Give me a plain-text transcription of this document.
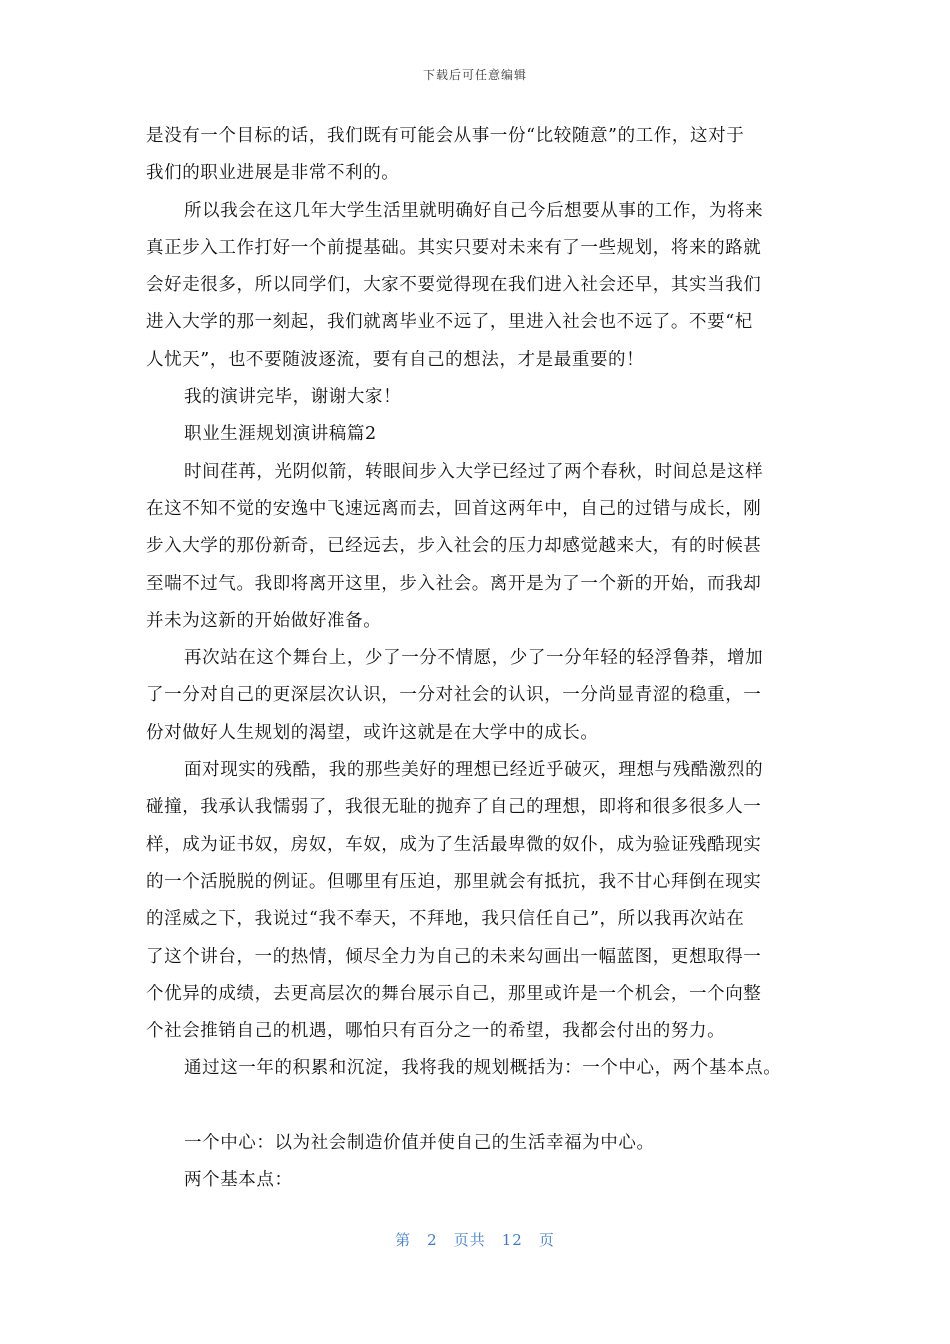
下载后可任意编辑
是没有一个目标的话，我们既有可能会从事一份“比较随意”的工作，这对于
我们的职业进展是非常不利的。
所以我会在这几年大学生活里就明确好自己今后想要从事的工作，为将来
真正步入工作打好一个前提基础。其实只要对未来有了一些规划，将来的路就
会好走很多，所以同学们，大家不要觉得现在我们进入社会还早，其实当我们
进入大学的那一刻起，我们就离毕业不远了，里进入社会也不远了。不要“杞
人忧天”，也不要随波逐流，要有自己的想法，才是最重要的！
我的演讲完毕，谢谢大家！
职业生涯规划演讲稿篇2
时间荏苒，光阴似箭，转眼间步入大学已经过了两个春秋，时间总是这样
在这不知不觉的安逸中飞速远离而去，回首这两年中，自己的过错与成长，刚
步入大学的那份新奇，已经远去，步入社会的压力却感觉越来大，有的时候甚
至喘不过气。我即将离开这里，步入社会。离开是为了一个新的开始，而我却
并未为这新的开始做好准备。
再次站在这个舞台上，少了一分不情愿，少了一分年轻的轻浮鲁莽，增加
了一分对自己的更深层次认识，一分对社会的认识，一分尚显青涩的稳重，一
份对做好人生规划的渴望，或许这就是在大学中的成长。
面对现实的残酷，我的那些美好的理想已经近乎破灭，理想与残酷激烈的
碰撞，我承认我懦弱了，我很无耻的抛弃了自己的理想，即将和很多很多人一
样，成为证书奴，房奴，车奴，成为了生活最卑微的奴仆，成为验证残酷现实
的一个活脱脱的例证。但哪里有压迫，那里就会有抵抗，我不甘心拜倒在现实
的淫威之下，我说过“我不奉天，不拜地，我只信任自己”，所以我再次站在
了这个讲台，一的热情，倾尽全力为自己的未来勾画出一幅蓝图，更想取得一
个优异的成绩，去更高层次的舞台展示自己，那里或许是一个机会，一个向整
个社会推销自己的机遇，哪怕只有百分之一的希望，我都会付出的努力。
通过这一年的积累和沉淀，我将我的规划概括为：一个中心，两个基本点。
一个中心：以为社会制造价值并使自己的生活幸福为中心。
两个基本点：
第 2 页共 12 页
